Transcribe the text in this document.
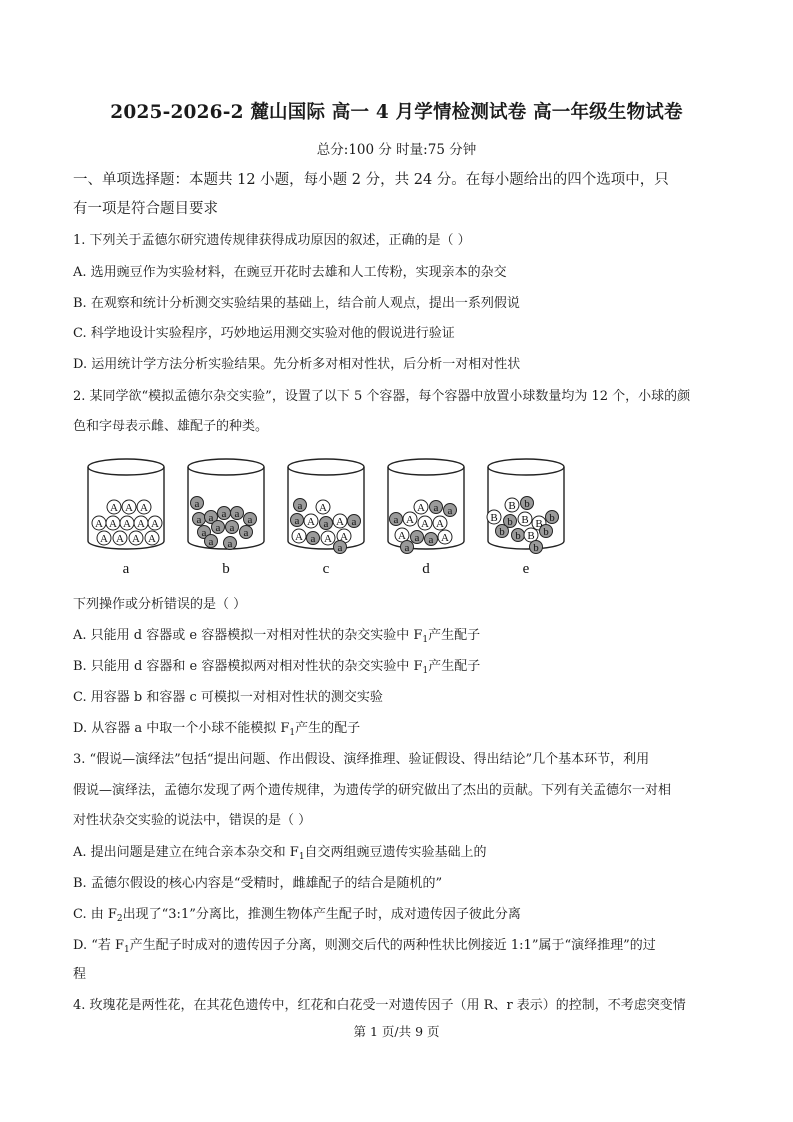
2025-2026-2 麓山国际 高一 4 月学情检测试卷 高一年级生物试卷
总分:100 分 时量:75 分钟
一、单项选择题：本题共 12 小题，每小题 2 分，共 24 分。在每小题给出的四个选项中，只
有一项是符合题目要求
1. 下列关于孟德尔研究遗传规律获得成功原因的叙述，正确的是（ ）
A. 选用豌豆作为实验材料，在豌豆开花时去雄和人工传粉，实现亲本的杂交
B. 在观察和统计分析测交实验结果的基础上，结合前人观点，提出一系列假说
C. 科学地设计实验程序，巧妙地运用测交实验对他的假说进行验证
D. 运用统计学方法分析实验结果。先分析多对相对性状，后分析一对相对性状
2. 某同学欲“模拟孟德尔杂交实验”，设置了以下 5 个容器，每个容器中放置小球数量均为 12 个，小球的颜
色和字母表示雌、雄配子的种类。
A A A
A A A A A
A A A A
a
a
a
a a a a
a a a a
a a
b
a A
a A a A a
A a A A
a
c
A a a
a A A A
A a a A
a
d
B b
B b B B b
b b B b
b
e
下列操作或分析错误的是（ ）
A. 只能用 d 容器或 e 容器模拟一对相对性状的杂交实验中 $F_1$产生配子
B. 只能用 d 容器和 e 容器模拟两对相对性状的杂交实验中 $F_1$产生配子
C. 用容器 b 和容器 c 可模拟一对相对性状的测交实验
D. 从容器 a 中取一个小球不能模拟 $F_1$产生的配子
3. “假说—演绎法”包括“提出问题、作出假设、演绎推理、验证假设、得出结论”几个基本环节，利用
假说—演绎法，孟德尔发现了两个遗传规律，为遗传学的研究做出了杰出的贡献。下列有关孟德尔一对相
对性状杂交实验的说法中，错误的是（ ）
A. 提出问题是建立在纯合亲本杂交和 $F_1$自交两组豌豆遗传实验基础上的
B. 孟德尔假设的核心内容是“受精时，雌雄配子的结合是随机的”
C. 由 $F_2$出现了“3:1”分离比，推测生物体产生配子时，成对遗传因子彼此分离
D. “若 $F_1$产生配子时成对的遗传因子分离，则测交后代的两种性状比例接近 1:1”属于“演绎推理”的过
程
4. 玫瑰花是两性花，在其花色遗传中，红花和白花受一对遗传因子（用 R、r 表示）的控制，不考虑突变情
第 1 页/共 9 页
